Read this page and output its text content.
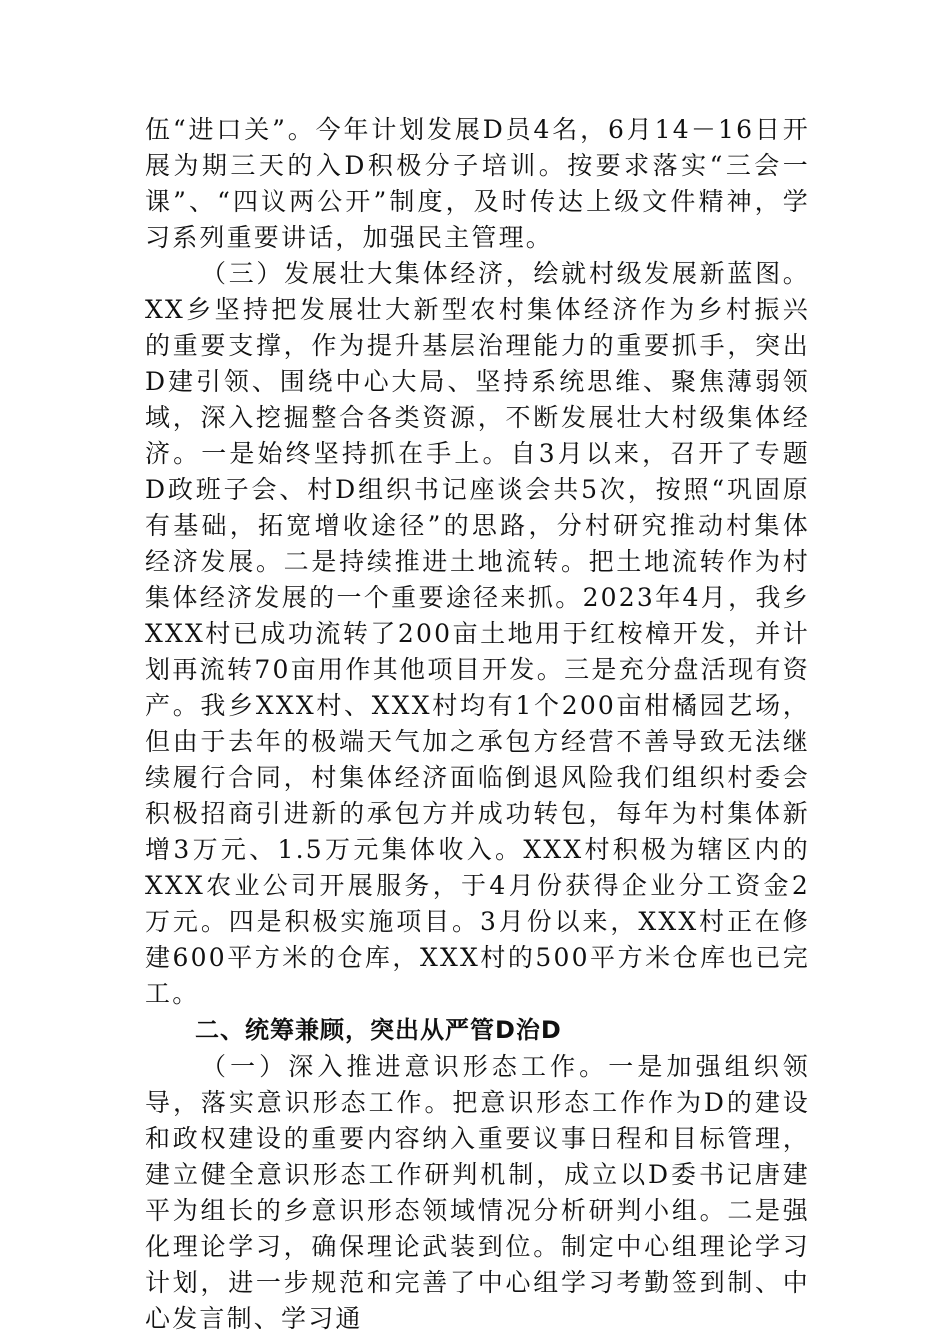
伍“进口关”。今年计划发展D员4名，6月14－16日开展为期三天的入D积极分子培训。按要求落实“三会一课”、“四议两公开”制度，及时传达上级文件精神，学习系列重要讲话，加强民主管理。

（三）发展壮大集体经济，绘就村级发展新蓝图。XX乡坚持把发展壮大新型农村集体经济作为乡村振兴的重要支撑，作为提升基层治理能力的重要抓手，突出D建引领、围绕中心大局、坚持系统思维、聚焦薄弱领域，深入挖掘整合各类资源，不断发展壮大村级集体经济。一是始终坚持抓在手上。自3月以来，召开了专题D政班子会、村D组织书记座谈会共5次，按照“巩固原有基础，拓宽增收途径”的思路，分村研究推动村集体经济发展。二是持续推进土地流转。把土地流转作为村集体经济发展的一个重要途径来抓。2023年4月，我乡XXX村已成功流转了200亩土地用于红桉樟开发，并计划再流转70亩用作其他项目开发。三是充分盘活现有资产。我乡XXX村、XXX村均有1个200亩柑橘园艺场，但由于去年的极端天气加之承包方经营不善导致无法继续履行合同，村集体经济面临倒退风险我们组织村委会积极招商引进新的承包方并成功转包，每年为村集体新增3万元、1.5万元集体收入。XXX村积极为辖区内的XXX农业公司开展服务，于4月份获得企业分工资金2万元。四是积极实施项目。3月份以来，XXX村正在修建600平方米的仓库，XXX村的500平方米仓库也已完工。

二、统筹兼顾，突出从严管D治D

（一）深入推进意识形态工作。一是加强组织领导，落实意识形态工作。把意识形态工作作为D的建设和政权建设的重要内容纳入重要议事日程和目标管理，建立健全意识形态工作研判机制，成立以D委书记唐建平为组长的乡意识形态领域情况分析研判小组。二是强化理论学习，确保理论武装到位。制定中心组理论学习计划，进一步规范和完善了中心组学习考勤签到制、中心发言制、学习通
